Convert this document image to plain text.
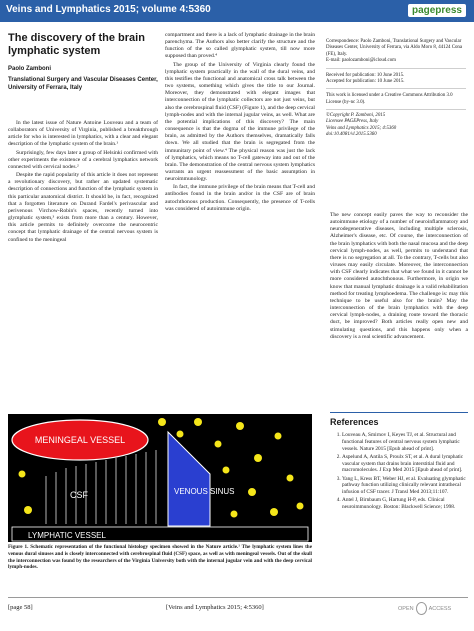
Veins and Lymphatics 2015; volume 4:5360	pagepress
The discovery of the brain lymphatic system
Paolo Zamboni
Translational Surgery and Vascular Diseases Center, University of Ferrara, Italy

In the latest issue of Nature Antoine Louveau and a team of collaborators of University of Virginia, published a breakthrough article for who is interested in lymphatics, with a clear and elegant description of the lymphatic system of the brain.¹

Surprisingly, few days later a group of Helsinki confirmed with other experiments the existence of a cerebral lymphatics network connected with cervical nodes.²

Despite the rapid popularity of this article it does not represent a revolutionary discovery, but rather an updated systematic description of connections and function of the lymphatic system in this particular anatomical district. It should be, in fact, recognized that a forgotten literature on Durand Fardel's perivascular and perivenous Virchow-Robin's spaces, recently turned into glymphatic system,³ exists from more than a century. However, this article permits to definitely overcome the neurocentric concept that lymphatic drainage of the central nervous system is confined to the meningeal

compartment and there is a lack of lymphatic drainage in the brain parenchyma. The Authors also better clarify the structure and the function of the so called glymphatic system, till now more supposed than proved.⁴

The group of the University of Virginia clearly found the lymphatic system practically in the wall of the dural veins, and this testifies the functional and anatomical cross talk between the two systems, something which gives the title to our Journal. Moreover, they demonstrated with elegant images that interconnection of the lymphatic collectors are not just veins, but also the cerebrospinal fluid (CSF) (Figure 1), and the deep cervical lymph-nodes and with the internal jugular veins, as well. What are the potential implications of this discovery? The main consequence is that the dogma of the immune privilege of the brain, as admitted by the Authors themselves, dramatically falls down. We all studied that the brain is segregated from the immunitary point of view.⁴ The physical reason was just the lack of lymphatics, which means no T-cell gateway into and out of the brain. The demonstration of the central nervous system lymphatics warrants an urgent reassessment of the basic assumption in neuroimmunology.

In fact, the immune privilege of the brain means that T-cell and antibodies found in the brain and/or in the CSF are of brain autochthonous production. Consequently, the presence of T-cells was considered of autoimmune origin.

Correspondence: Paolo Zamboni, Translational Surgery and Vascular Diseases Center, University of Ferrara, via Aldo Moro 8, 44124 Cona (FE), Italy.
E-mail: paolozamboni@icloud.com
Received for publication: 10 June 2015.
Accepted for publication: 10 June 2015.
This work is licensed under a Creative Commons Attribution 3.0 License (by-nc 3.0).
©Copyright P. Zamboni, 2015
Licensee PAGEPress, Italy
Veins and Lymphatics 2015; 4:5360
doi:10.4081/vl.2015.5360

The new concept easily paves the way to reconsider the autoimmune etiology of a number of neuroinflammatory and neurodegenerative diseases, including multiple sclerosis, Alzheimer's disease, etc. Of course, the interconnection of the brain lymphatics with both the nasal mucosa and the deep cervical lymph-nodes, as well, permits to understand that there is no segregation at all. To the contrary, T-cells but also viruses may easily circulate. Moreover, the interconnection with CSF clearly indicates that what we found in it cannot be more considered autochthonous. Furthermore, in origin we know that manual lymphatic drainage is a valid rehabilitation method for treating lymphoedema. The challenge is: may this technique to be useful also for the brain? May the interconnection of the brain lymphatics with the deep cervical lymph-nodes, a draining route toward the thoracic duct, be improved? Both articles really open new and stimulating questions, and this happens only when a discovery is a real scientific advancement.

MENINGEAL VESSEL
VENOUS SINUS
CSF
LYMPHATIC VESSEL
Figure 1. Schematic representation of the functional histology specimen showed in the Nature article.¹ The lymphatic system lines the venous dural sinuses and is closely interconnected with cerebrospinal fluid (CSF) space, as well as with meningeal vessels. Out of the skull the interconnection was found by the researchers of the Virginia University both with the internal jugular vein and with the deep cervical lymph-nodes.
References
1. Louveau A, Smirnov I, Keyes TJ, et al. Structural and functional features of central nervous system lymphatic vessels. Nature 2015 [Epub ahead of print].
2. Aspelund A, Antila S, Proulx ST, et al. A dural lymphatic vascular system that drains brain interstitial fluid and macromolecules. J Exp Med 2015 [Epub ahead of print].
3. Yang L, Kress BT, Weber HJ, et al. Evaluating glymphatic pathway function utilizing clinically relevant intrathecal infusion of CSF tracer. J Transl Med 2013;11:107.
4. Antel J, Birnbaum G, Hartung H-P, eds. Clinical neuroimmunology. Boston: Blackwell Science; 1998.
[page 58]	[Veins and Lymphatics 2015; 4:5360]	OPEN	ACCESS
